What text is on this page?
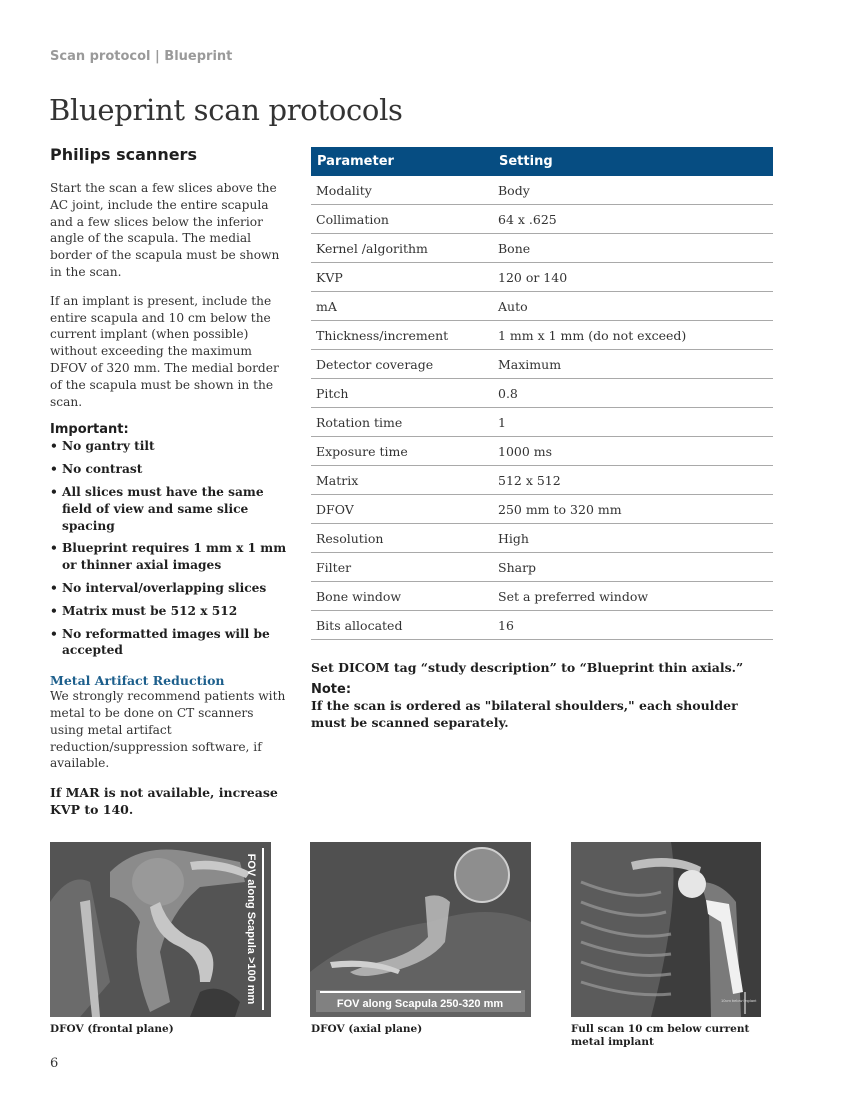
Scan protocol | Blueprint
Blueprint scan protocols
Philips scanners

Start the scan a few slices above the AC joint, include the entire scapula and a few slices below the inferior angle of the scapula. The medial border of the scapula must be shown in the scan.

If an implant is present, include the entire scapula and 10 cm below the current implant (when possible) without exceeding the maximum DFOV of 320 mm. The medial border of the scapula must be shown in the scan.

Important:

• No gantry tilt
• No contrast
• All slices must have the same field of view and same slice spacing
• Blueprint requires 1 mm x 1 mm or thinner axial images
• No interval/overlapping slices
• Matrix must be 512 x 512
• No reformatted images will be accepted

Metal Artifact Reduction

We strongly recommend patients with metal to be done on CT scanners using metal artifact reduction/suppression software, if available.

If MAR is not available, increase KVP to 140.

Parameter	Setting
Modality	Body
Collimation	64 x .625
Kernel /algorithm	Bone
KVP	120 or 140
mA	Auto
Thickness/increment	1 mm x 1 mm (do not exceed)
Detector coverage	Maximum
Pitch	0.8
Rotation time	1
Exposure time	1000 ms
Matrix	512 x 512
DFOV	250 mm to 320 mm
Resolution	High
Filter	Sharp
Bone window	Set a preferred window
Bits allocated	16

Set DICOM tag “study description” to “Blueprint thin axials.”

Note:

If the scan is ordered as "bilateral shoulders," each shoulder must be scanned separately.

FOV along Scapula >100 mm
DFOV (frontal plane)
FOV along Scapula 250-320 mm
DFOV (axial plane)
10cm below implant
Full scan 10 cm below current metal implant
6
